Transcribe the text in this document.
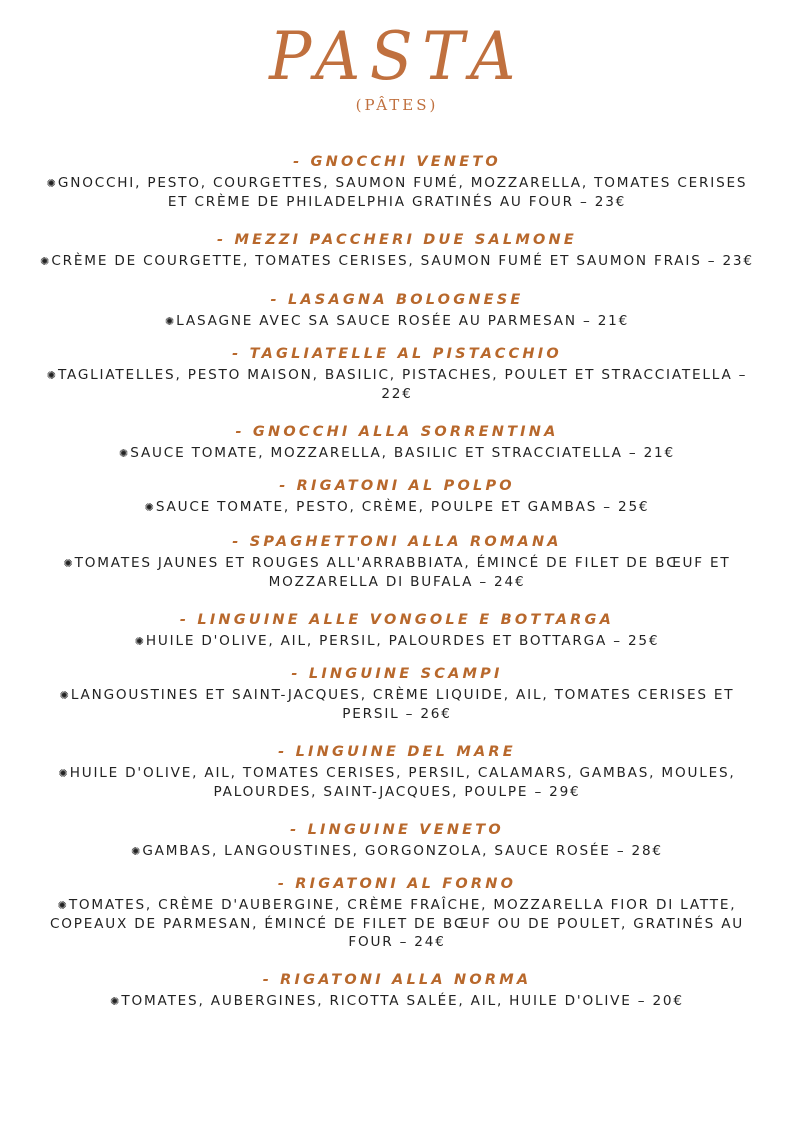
PASTA
(PÂTES)
- GNOCCHI VENETO
✺ GNOCCHI, PESTO, COURGETTES, SAUMON FUMÉ, MOZZARELLA, TOMATES CERISES ET CRÈME DE PHILADELPHIA GRATINÉS AU FOUR – 23€
- MEZZI PACCHERI DUE SALMONE
✺ CRÈME DE COURGETTE, TOMATES CERISES, SAUMON FUMÉ ET SAUMON FRAIS – 23€
- LASAGNA BOLOGNESE
✺ LASAGNE AVEC SA SAUCE ROSÉE AU PARMESAN – 21€
- TAGLIATELLE AL PISTACCHIO
✺ TAGLIATELLES, PESTO MAISON, BASILIC, PISTACHES, POULET ET STRACCIATELLA – 22€
- GNOCCHI ALLA SORRENTINA
✺ SAUCE TOMATE, MOZZARELLA, BASILIC ET STRACCIATELLA – 21€
- RIGATONI AL POLPO
✺ SAUCE TOMATE, PESTO, CRÈME, POULPE ET GAMBAS – 25€
- SPAGHETTONI ALLA ROMANA
✺ TOMATES JAUNES ET ROUGES ALL'ARRABBIATA, ÉMINCÉ DE FILET DE BŒUF ET MOZZARELLA DI BUFALA – 24€
- LINGUINE ALLE VONGOLE E BOTTARGA
✺ HUILE D'OLIVE, AIL, PERSIL, PALOURDES ET BOTTARGA – 25€
- LINGUINE SCAMPI
✺ LANGOUSTINES ET SAINT-JACQUES, CRÈME LIQUIDE, AIL, TOMATES CERISES ET PERSIL – 26€
- LINGUINE DEL MARE
✺ HUILE D'OLIVE, AIL, TOMATES CERISES, PERSIL, CALAMARS, GAMBAS, MOULES, PALOURDES, SAINT-JACQUES, POULPE – 29€
- LINGUINE VENETO
✺ GAMBAS, LANGOUSTINES, GORGONZOLA, SAUCE ROSÉE – 28€
- RIGATONI AL FORNO
✺ TOMATES, CRÈME D'AUBERGINE, CRÈME FRAÎCHE, MOZZARELLA FIOR DI LATTE, COPEAUX DE PARMESAN, ÉMINCÉ DE FILET DE BŒUF OU DE POULET, GRATINÉS AU FOUR – 24€
- RIGATONI ALLA NORMA
✺ TOMATES, AUBERGINES, RICOTTA SALÉE, AIL, HUILE D'OLIVE – 20€
